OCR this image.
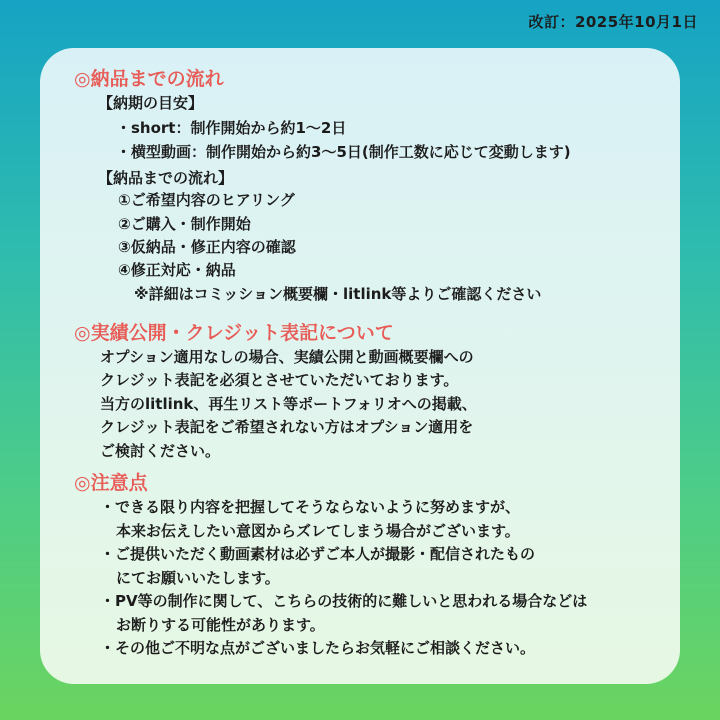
改訂：2025年10月1日
◎納品までの流れ
【納期の目安】
・short：制作開始から約1〜2日
・横型動画：制作開始から約3〜5日(制作工数に応じて変動します)
【納品までの流れ】
①ご希望内容のヒアリング
②ご購入・制作開始
③仮納品・修正内容の確認
④修正対応・納品
※詳細はコミッション概要欄・litlink等よりご確認ください
◎実績公開・クレジット表記について
オプション適用なしの場合、実績公開と動画概要欄への
クレジット表記を必須とさせていただいております。
当方のlitlink、再生リスト等ポートフォリオへの掲載、
クレジット表記をご希望されない方はオプション適用を
ご検討ください。
◎注意点
・できる限り内容を把握してそうならないように努めますが、
本来お伝えしたい意図からズレてしまう場合がございます。
・ご提供いただく動画素材は必ずご本人が撮影・配信されたもの
にてお願いいたします。
・PV等の制作に関して、こちらの技術的に難しいと思われる場合などは
お断りする可能性があります。
・その他ご不明な点がございましたらお気軽にご相談ください。
